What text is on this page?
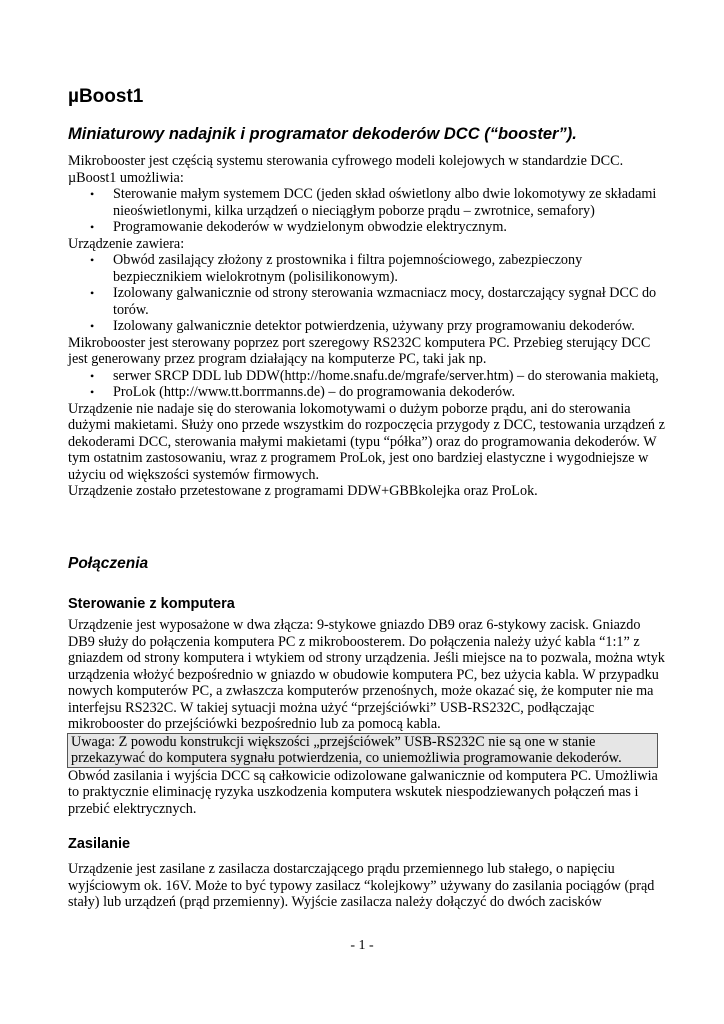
µBoost1
Miniaturowy nadajnik i programator dekoderów DCC (“booster”).

Mikrobooster jest częścią systemu sterowania cyfrowego modeli kolejowych w standardzie DCC.

µBoost1 umożliwia:

• Sterowanie małym systemem DCC (jeden skład oświetlony albo dwie lokomotywy ze składami nieoświetlonymi, kilka urządzeń o nieciągłym poborze prądu – zwrotnice, semafory)
• Programowanie dekoderów w wydzielonym obwodzie elektrycznym.

Urządzenie zawiera:

• Obwód zasilający złożony z prostownika i filtra pojemnościowego, zabezpieczony bezpiecznikiem wielokrotnym (polisilikonowym).
• Izolowany galwanicznie od strony sterowania wzmacniacz mocy, dostarczający sygnał DCC do torów.
• Izolowany galwanicznie detektor potwierdzenia, używany przy programowaniu dekoderów.

Mikrobooster jest sterowany poprzez port szeregowy RS232C komputera PC. Przebieg sterujący DCC jest generowany przez program działający na komputerze PC, taki jak np.

• serwer SRCP DDL lub DDW(http://home.snafu.de/mgrafe/server.htm) – do sterowania makietą,
• ProLok (http://www.tt.borrmanns.de) – do programowania dekoderów.

Urządzenie nie nadaje się do sterowania lokomotywami o dużym poborze prądu, ani do sterowania dużymi makietami. Służy ono przede wszystkim do rozpoczęcia przygody z DCC, testowania urządzeń z dekoderami DCC, sterowania małymi makietami (typu “półka”) oraz do programowania dekoderów. W tym ostatnim zastosowaniu, wraz z programem ProLok, jest ono bardziej elastyczne i wygodniejsze w użyciu od większości systemów firmowych.

Urządzenie zostało przetestowane z programami DDW+GBBkolejka oraz ProLok.

Połączenia
Sterowanie z komputera

Urządzenie jest wyposażone w dwa złącza: 9-stykowe gniazdo DB9 oraz 6-stykowy zacisk. Gniazdo DB9 służy do połączenia komputera PC z mikroboosterem. Do połączenia należy użyć kabla “1:1” z gniazdem od strony komputera i wtykiem od strony urządzenia. Jeśli miejsce na to pozwala, można wtyk urządzenia włożyć bezpośrednio w gniazdo w obudowie komputera PC, bez użycia kabla. W przypadku nowych komputerów PC, a zwłaszcza komputerów przenośnych, może okazać się, że komputer nie ma interfejsu RS232C. W takiej sytuacji można użyć “przejściówki” USB-RS232C, podłączając mikrobooster do przejściówki bezpośrednio lub za pomocą kabla.

Uwaga: Z powodu konstrukcji większości „przejściówek” USB-RS232C nie są one w stanie przekazywać do komputera sygnału potwierdzenia, co uniemożliwia programowanie dekoderów.

Obwód zasilania i wyjścia DCC są całkowicie odizolowane galwanicznie od komputera PC. Umożliwia to praktycznie eliminację ryzyka uszkodzenia komputera wskutek niespodziewanych połączeń mas i przebić elektrycznych.

Zasilanie

Urządzenie jest zasilane z zasilacza dostarczającego prądu przemiennego lub stałego, o napięciu wyjściowym ok. 16V. Może to być typowy zasilacz “kolejkowy” używany do zasilania pociągów (prąd stały) lub urządzeń (prąd przemienny). Wyjście zasilacza należy dołączyć do dwóch zacisków

- 1 -
